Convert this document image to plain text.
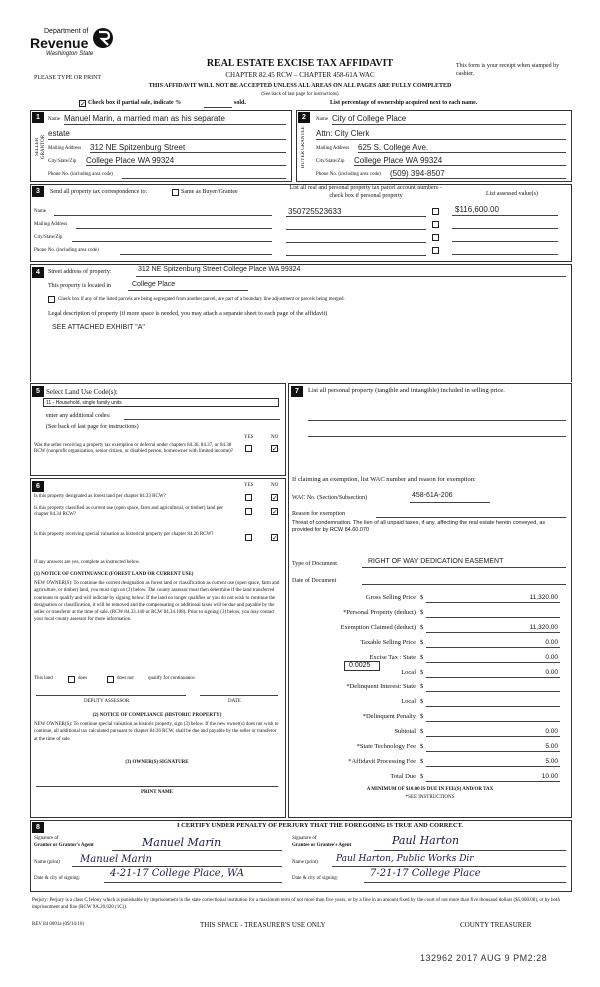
Department of
Revenue
Washington State
PLEASE TYPE OR PRINT
REAL ESTATE EXCISE TAX AFFIDAVIT
CHAPTER 82.45 RCW – CHAPTER 458-61A WAC
THIS AFFIDAVIT WILL NOT BE ACCEPTED UNLESS ALL AREAS ON ALL PAGES ARE FULLY COMPLETED
(See back of last page for instructions)
This form is your receipt when stamped by cashier.
✓ Check box if partial sale, indicate %	sold.	List percentage of ownership acquired next to each name.
1	2
SELLER GRANTOR	BUYER GRANTEE
Name Manuel Marin, a married man as his separate
estate
Mailing Address 312 NE Spitzenburg Street
City/State/Zip College Place WA 99324
Phone No. (including area code)
Name City of College Place
Attn: City Clerk
Mailing Address 625 S. College Ave.
City/State/Zip College Place WA 99324
Phone No. (including area code) (509) 394-8507
3	Send all property tax correspondence to:	Same as Buyer/Grantee
List all real and personal property tax parcel account numbers – check box if personal property	List assessed value(s)
Name
Mailing Address
City/State/Zip
Phone No. (including area code)
350725523633	$116,600.00
4	Street address of property:	312 NE Spitzenburg Street College Place WA 99324
This property is located in	College Place
Check box if any of the listed parcels are being segregated from another parcel, are part of a boundary line adjustment or parcels being merged.
Legal description of property (if more space is needed, you may attach a separate sheet to each page of the affidavit)
SEE ATTACHED EXHIBIT "A"
5 Select Land Use Code(s):
11 - Household, single family units
enter any additional codes:
(See back of last page for instructions)
YES	NO
Was the seller receiving a property tax exemption or deferral under chapters 84.36, 84.37, or 84.38 RCW (nonprofit organization, senior citizen, or disabled person, homeowner with limited income)?	✓
6	YES	NO
Is this property designated as forest land per chapter 84.33 RCW?	✓
Is this property classified as current use (open space, farm and agricultural, or timber) land per chapter 84.34 RCW?	✓
Is this property receiving special valuation as historical property per chapter 84.26 RCW?	✓
If any answers are yes, complete as instructed below.
(1) NOTICE OF CONTINUANCE (FOREST LAND OR CURRENT USE)
NEW OWNER(S): To continue the current designation as forest land or classification as current use (open space, farm and agriculture, or timber) land, you must sign on (3) below. The county assessor must then determine if the land transferred continues to qualify and will indicate by signing below. If the land no longer qualifies or you do not wish to continue the designation or classification, it will be removed and the compensating or additional taxes will be due and payable by the seller or transferor at the time of sale. (RCW 84.33.140 or RCW 84.34.108). Prior to signing (3) below, you may contact your local county assessor for more information.
This land	does	does not	qualify for continuance.
DEPUTY ASSESSOR	DATE
(2) NOTICE OF COMPLIANCE (HISTORIC PROPERTY)
NEW OWNER(S): To continue special valuation as historic property, sign (3) below. If the new owner(s) does not wish to continue, all additional tax calculated pursuant to chapter 84.26 RCW, shall be due and payable by the seller or transferor at the time of sale.
(3) OWNER(S) SIGNATURE
PRINT NAME
7	List all personal property (tangible and intangible) included in selling price.
If claiming an exemption, list WAC number and reason for exemption:
WAC No. (Section/Subsection)	458-61A-206
Reason for exemption
Threat of condemnation. The lien of all unpaid taxes, if any, affecting the real estate herein conveyed, as provided for by RCW 84.60.070
Type of Document	RIGHT OF WAY DEDICATION EASEMENT
Date of Document
Gross Selling Price $	11,320.00
*Personal Property (deduct) $
Exemption Claimed (deduct) $	11,320.00
Taxable Selling Price $	0.00
Excise Tax : State $	0.00
Local $	0.00
*Delinquent Interest: State $
Local $
*Delinquent Penalty $
Subtotal $	0.00
*State Technology Fee $	5.00
*Affidavit Processing Fee $	5.00
Total Due $	10.00
0.0025
A MINIMUM OF $10.00 IS DUE IN FEE(S) AND/OR TAX
*SEE INSTRUCTIONS
8	I CERTIFY UNDER PENALTY OF PERJURY THAT THE FOREGOING IS TRUE AND CORRECT.
Signature of
Grantor or Grantor's Agent	Manuel Marin
Name (print) Manuel Marin
Date & city of signing:	4-21-17 College Place, WA
Signature of
Grantee or Grantee's Agent	Paul Harton
Name (print) Paul Harton, Public Works Dir
Date & city of signing:	7-21-17 College Place
Perjury: Perjury is a class C felony which is punishable by imprisonment in the state correctional institution for a maximum term of not more than five years, or by a fine in an amount fixed by the court of not more than five thousand dollars ($5,000.00), or by both imprisonment and fine (RCW 9A.20.020 (1C)).
REV 84 0001a (09/14/16)	THIS SPACE - TREASURER'S USE ONLY	COUNTY TREASURER
132962 2017 AUG 9 PM2:28
